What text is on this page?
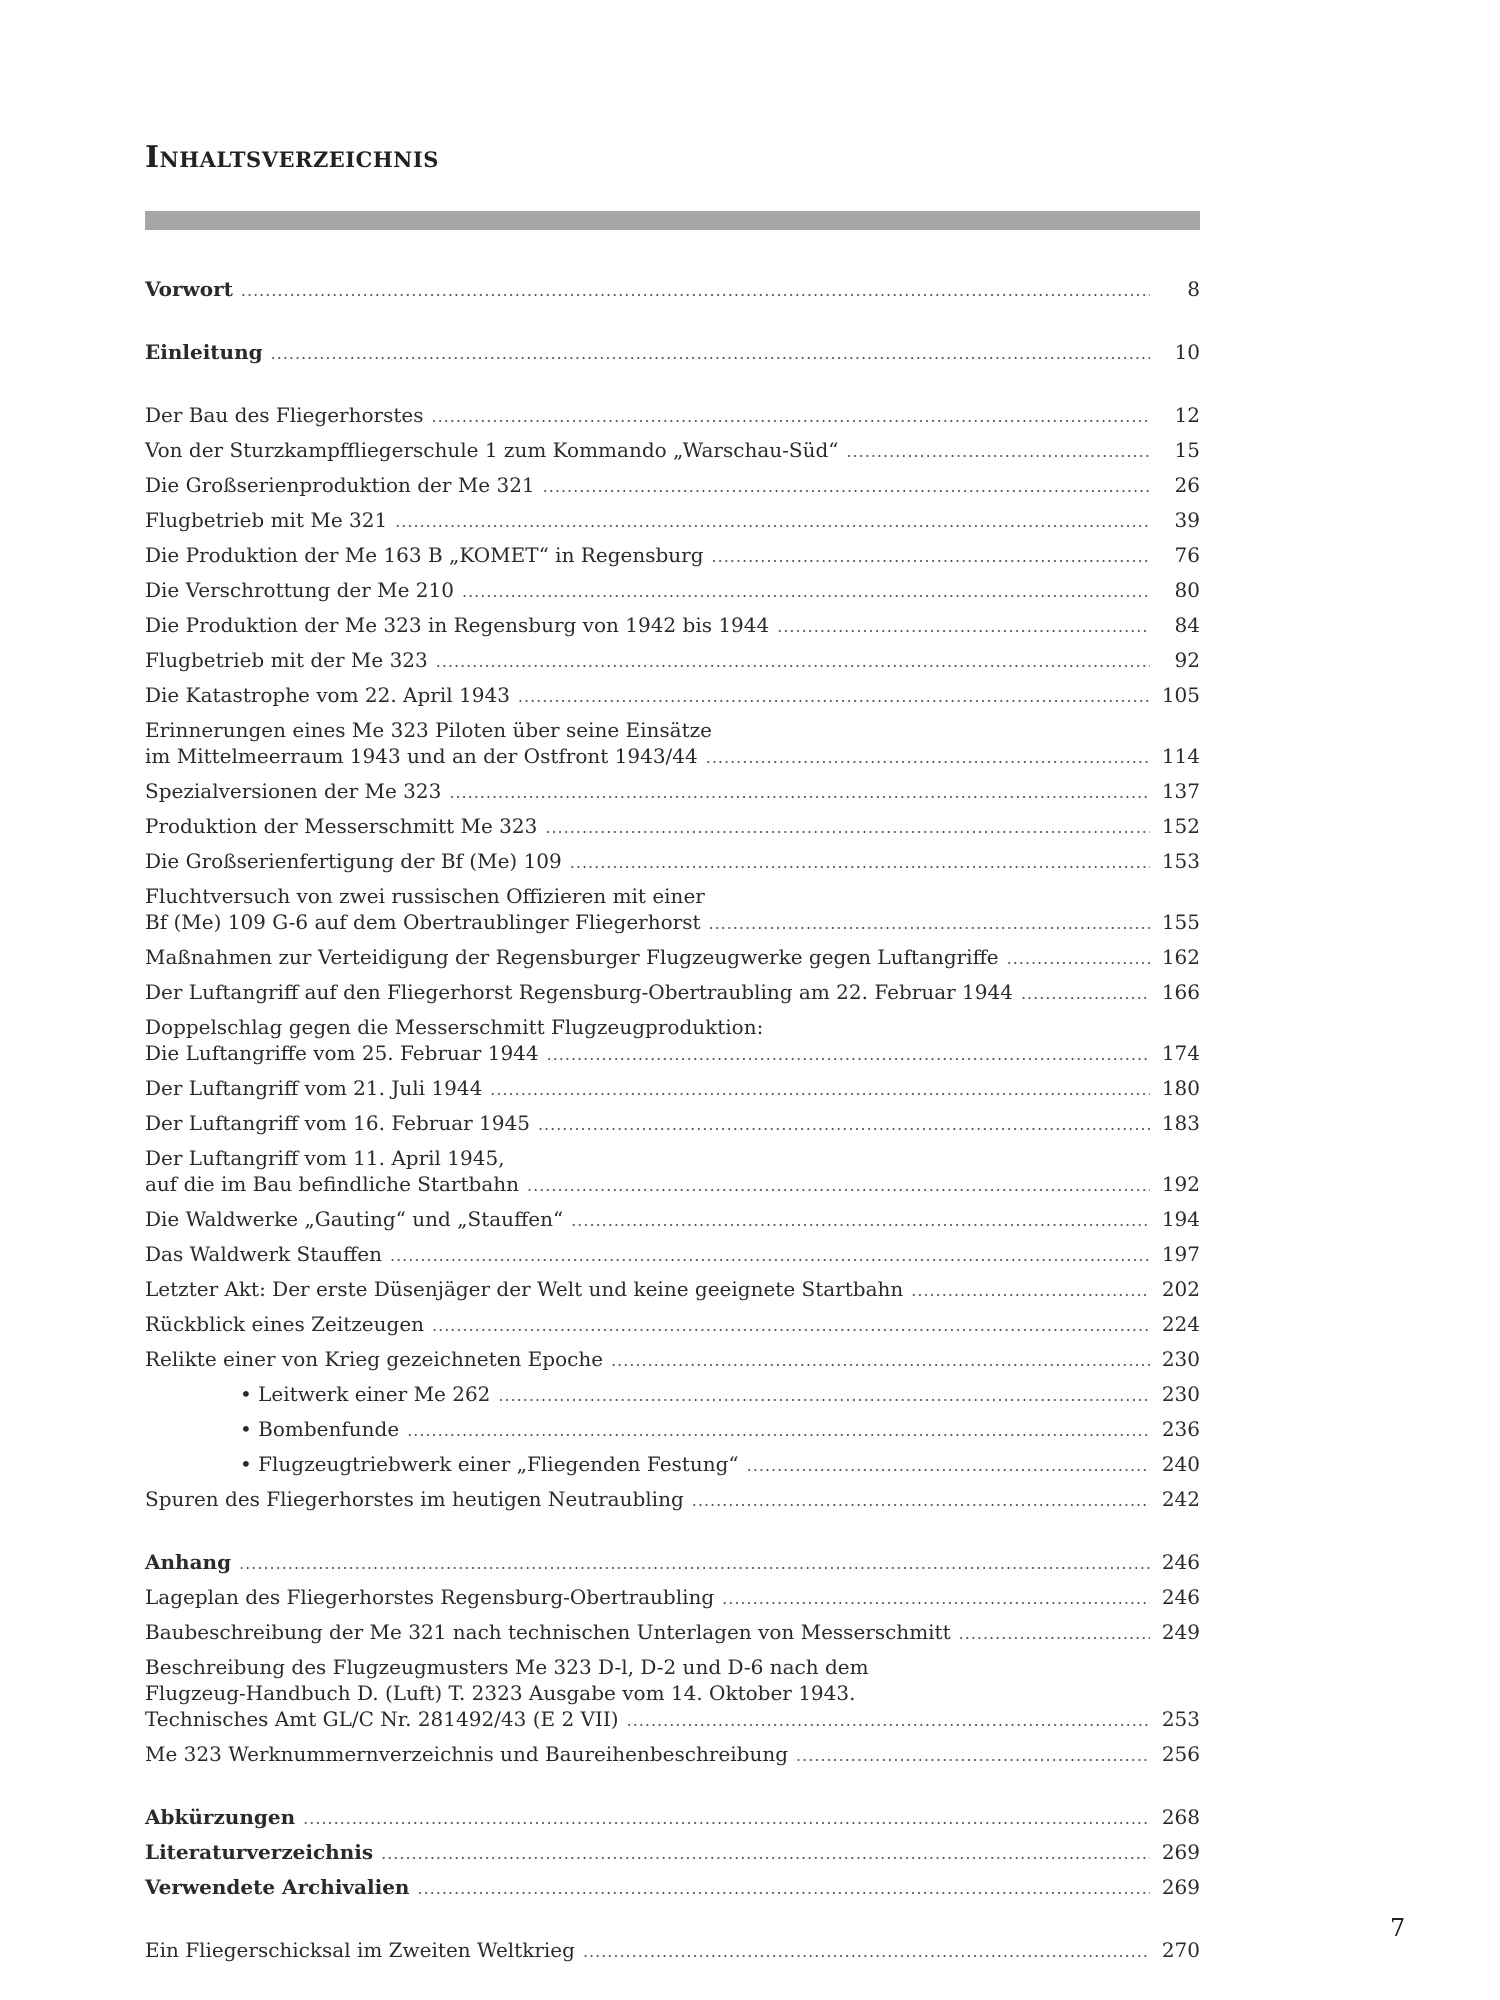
Inhaltsverzeichnis
Vorwort .....	8
Einleitung .....	10
Der Bau des Fliegerhorstes .....	12
Von der Sturzkampffliegerschule 1 zum Kommando „Warschau-Süd“ .....	15
Die Großserienproduktion der Me 321 .....	26
Flugbetrieb mit Me 321 .....	39
Die Produktion der Me 163 B „KOMET“ in Regensburg .....	76
Die Verschrottung der Me 210 .....	80
Die Produktion der Me 323 in Regensburg von 1942 bis 1944 .....	84
Flugbetrieb mit der Me 323 .....	92
Die Katastrophe vom 22. April 1943 .....	105
Erinnerungen eines Me 323 Piloten über seine Einsätze
im Mittelmeerraum 1943 und an der Ostfront 1943/44 .....	114
Spezialversionen der Me 323 .....	137
Produktion der Messerschmitt Me 323 .....	152
Die Großserienfertigung der Bf (Me) 109 .....	153
Fluchtversuch von zwei russischen Offizieren mit einer
Bf (Me) 109 G-6 auf dem Obertraublinger Fliegerhorst .....	155
Maßnahmen zur Verteidigung der Regensburger Flugzeugwerke gegen Luftangriffe .....	162
Der Luftangriff auf den Fliegerhorst Regensburg-Obertraubling am 22. Februar 1944 .....	166
Doppelschlag gegen die Messerschmitt Flugzeugproduktion:
Die Luftangriffe vom 25. Februar 1944 .....	174
Der Luftangriff vom 21. Juli 1944 .....	180
Der Luftangriff vom 16. Februar 1945 .....	183
Der Luftangriff vom 11. April 1945,
auf die im Bau befindliche Startbahn .....	192
Die Waldwerke „Gauting“ und „Stauffen“ .....	194
Das Waldwerk Stauffen .....	197
Letzter Akt: Der erste Düsenjäger der Welt und keine geeignete Startbahn .....	202
Rückblick eines Zeitzeugen .....	224
Relikte einer von Krieg gezeichneten Epoche .....	230
• Leitwerk einer Me 262 .....	230
• Bombenfunde .....	236
• Flugzeugtriebwerk einer „Fliegenden Festung“ .....	240
Spuren des Fliegerhorstes im heutigen Neutraubling .....	242
Anhang .....	246
Lageplan des Fliegerhorstes Regensburg-Obertraubling .....	246
Baubeschreibung der Me 321 nach technischen Unterlagen von Messerschmitt .....	249
Beschreibung des Flugzeugmusters Me 323 D-l, D-2 und D-6 nach dem
Flugzeug-Handbuch D. (Luft) T. 2323 Ausgabe vom 14. Oktober 1943.
Technisches Amt GL/C Nr. 281492/43 (E 2 VII) .....	253
Me 323 Werknummernverzeichnis und Baureihenbeschreibung .....	256
Abkürzungen .....	268
Literaturverzeichnis .....	269
Verwendete Archivalien .....	269
Ein Fliegerschicksal im Zweiten Weltkrieg .....	270
7
